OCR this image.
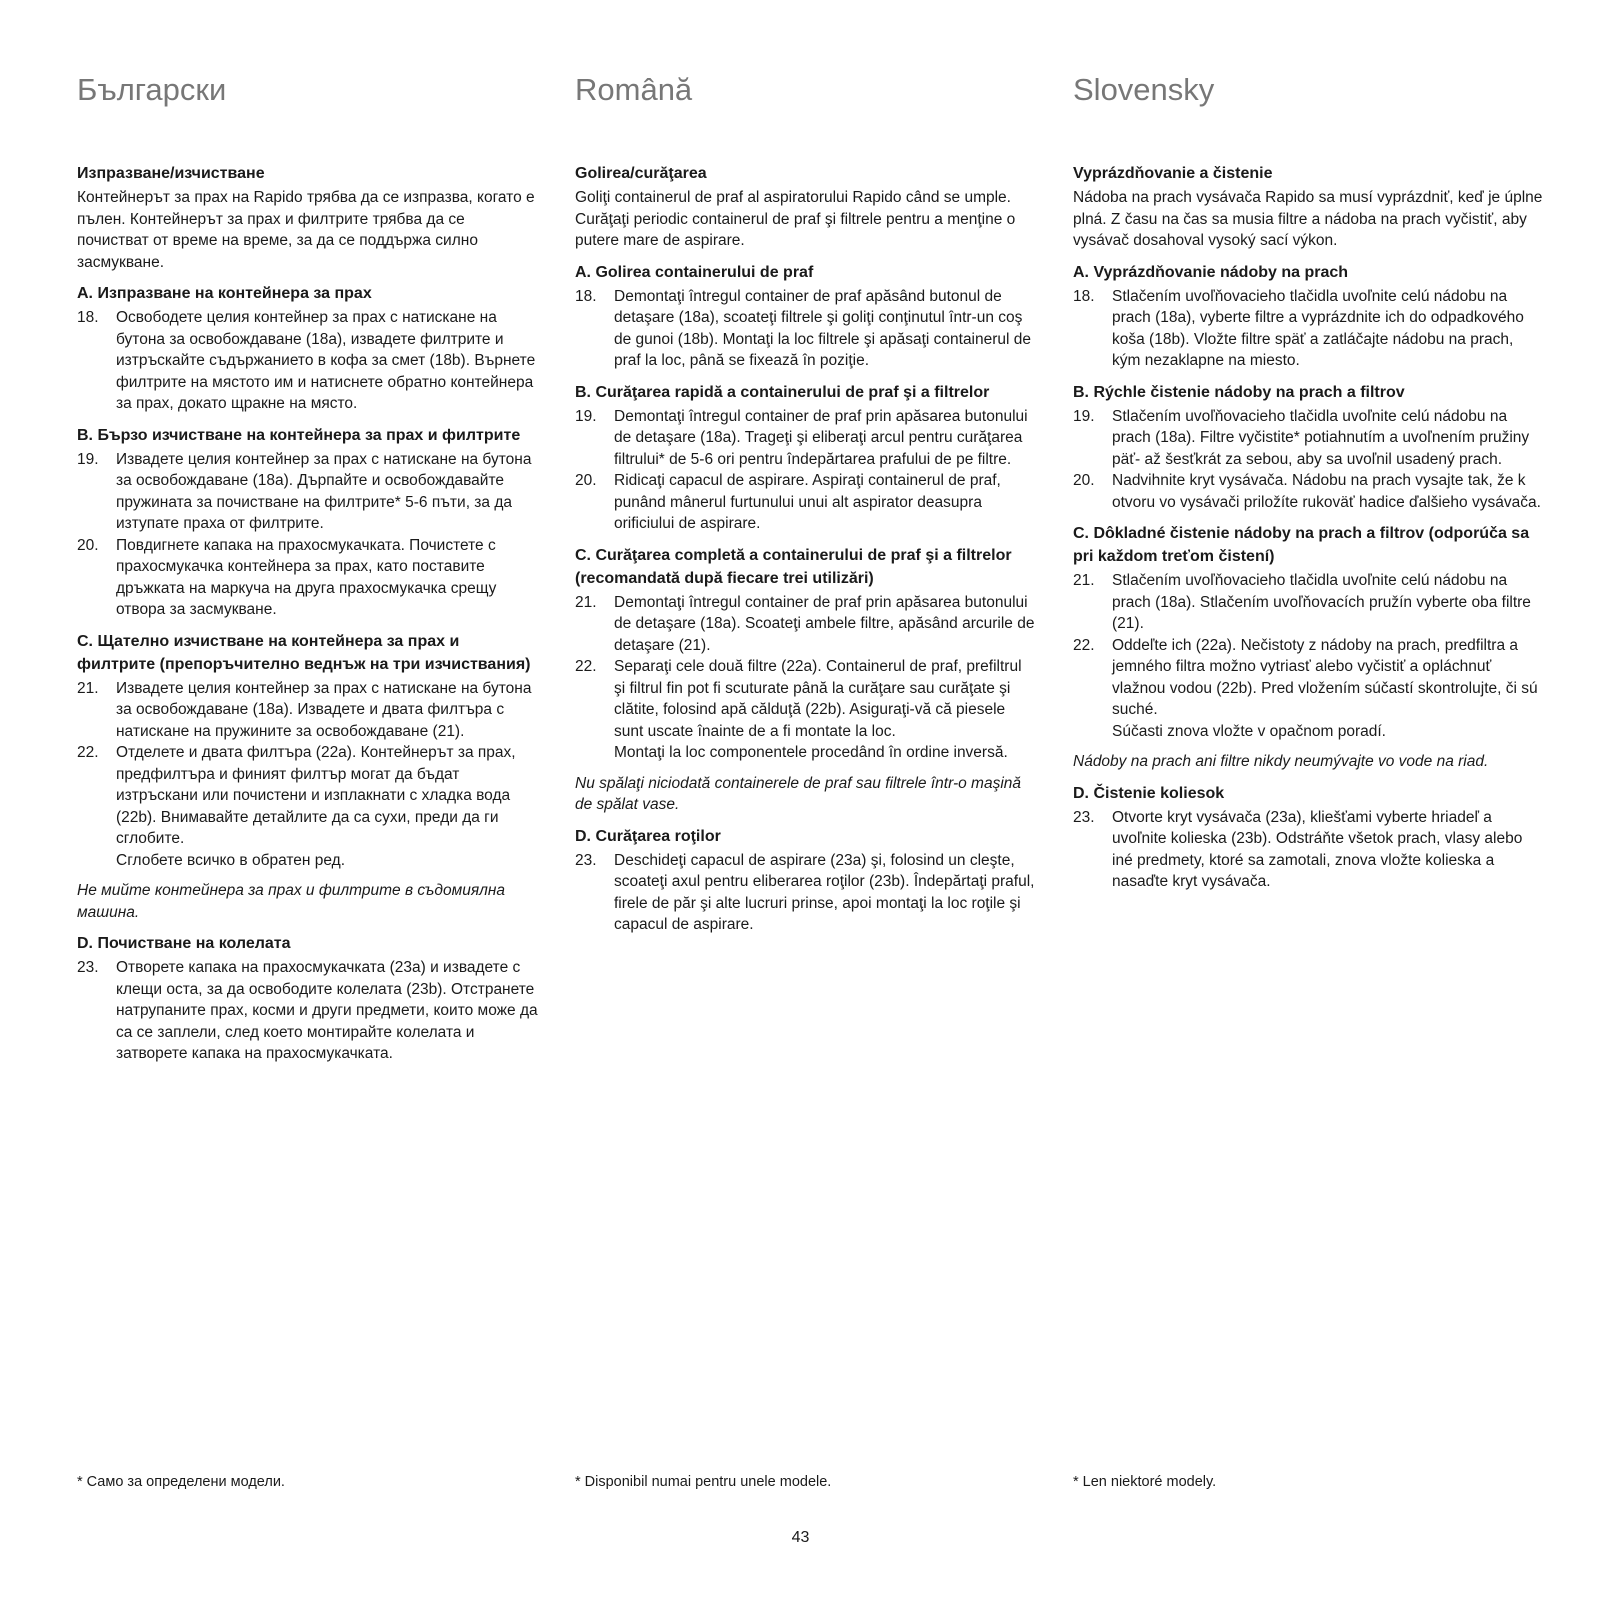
Български
Изпразване/изчистване

Контейнерът за прах на Rapido трябва да се изпразва, когато е пълен. Контейнерът за прах и филтрите трябва да се почистват от време на време, за да се поддържа силно засмукване.

A. Изпразване на контейнера за прах
18.	Освободете целия контейнер за прах с натискане на бутона за освобождаване (18a), извадете филтрите и изтръскайте съдържанието в кофа за смет (18b). Върнете филтрите на мястото им и натиснете обратно контейнера за прах, докато щракне на място.
B. Бързо изчистване на контейнера за прах и филтрите
19.	Извадете целия контейнер за прах с натискане на бутона за освобождаване (18a). Дърпайте и освобождавайте пружината за почистване на филтрите* 5-6 пъти, за да изтупате праха от филтрите.
20.	Повдигнете капака на прахосмукачката. Почистете с прахосмукачка контейнера за прах, като поставите дръжката на маркуча на друга прахосмукачка срещу отвора за засмукване.
C. Щателно изчистване на контейнера за прах и филтрите (препоръчително веднъж на три изчиствания)
21.	Извадете целия контейнер за прах с натискане на бутона за освобождаване (18a). Извадете и двата филтъра с натискане на пружините за освобождаване (21).
22.	Отделете и двата филтъра (22a). Контейнерът за прах, предфилтъра и финият филтър могат да бъдат изтръскани или почистени и изплакнати с хладка вода (22b). Внимавайте детайлите да са сухи, преди да ги сглобите.
Сглобете всичко в обратен ред.

Не мийте контейнера за прах и филтрите в съдомиялна машина.

D. Почистване на колелата
23.	Отворете капака на прахосмукачката (23a) и извадете с клещи оста, за да освободите колелата (23b). Отстранете натрупаните прах, косми и други предмети, които може да са се заплели, след което монтирайте колелата и затворете капака на прахосмукачката.
Română
Golirea/curăţarea

Goliţi containerul de praf al aspiratorului Rapido când se umple. Curăţaţi periodic containerul de praf şi filtrele pentru a menţine o putere mare de aspirare.

A. Golirea containerului de praf
18.	Demontaţi întregul container de praf apăsând butonul de detaşare (18a), scoateţi filtrele şi goliţi conţinutul într-un coş de gunoi (18b). Montaţi la loc filtrele şi apăsaţi containerul de praf la loc, până se fixează în poziţie.
B. Curăţarea rapidă a containerului de praf şi a filtrelor
19.	Demontaţi întregul container de praf prin apăsarea butonului de detaşare (18a). Trageţi şi eliberaţi arcul pentru curăţarea filtrului* de 5-6 ori pentru îndepărtarea prafului de pe filtre.
20.	Ridicaţi capacul de aspirare. Aspiraţi containerul de praf, punând mânerul furtunului unui alt aspirator deasupra orificiului de aspirare.
C. Curăţarea completă a containerului de praf şi a filtrelor (recomandată după fiecare trei utilizări)
21.	Demontaţi întregul container de praf prin apăsarea butonului de detaşare (18a). Scoateţi ambele filtre, apăsând arcurile de detaşare (21).
22.	Separaţi cele două filtre (22a). Containerul de praf, prefiltrul şi filtrul fin pot fi scuturate până la curăţare sau curăţate şi clătite, folosind apă călduţă (22b). Asiguraţi-vă că piesele sunt uscate înainte de a fi montate la loc.
Montaţi la loc componentele procedând în ordine inversă.

Nu spălaţi niciodată containerele de praf sau filtrele într-o maşină de spălat vase.

D. Curăţarea roţilor
23.	Deschideţi capacul de aspirare (23a) şi, folosind un cleşte, scoateţi axul pentru eliberarea roţilor (23b). Îndepărtaţi praful, firele de păr şi alte lucruri prinse, apoi montaţi la loc roţile şi capacul de aspirare.
Slovensky
Vyprázdňovanie a čistenie

Nádoba na prach vysávača Rapido sa musí vyprázdniť, keď je úplne plná. Z času na čas sa musia filtre a nádoba na prach vyčistiť, aby vysávač dosahoval vysoký sací výkon.

A. Vyprázdňovanie nádoby na prach
18.	Stlačením uvoľňovacieho tlačidla uvoľnite celú nádobu na prach (18a), vyberte filtre a vyprázdnite ich do odpadkového koša (18b). Vložte filtre späť a zatláčajte nádobu na prach, kým nezaklapne na miesto.
B. Rýchle čistenie nádoby na prach a filtrov
19.	Stlačením uvoľňovacieho tlačidla uvoľnite celú nádobu na prach (18a). Filtre vyčistite* potiahnutím a uvoľnením pružiny päť- až šesťkrát za sebou, aby sa uvoľnil usadený prach.
20.	Nadvihnite kryt vysávača. Nádobu na prach vysajte tak, že k otvoru vo vysávači priložíte rukoväť hadice ďalšieho vysávača.
C. Dôkladné čistenie nádoby na prach a filtrov (odporúča sa pri každom treťom čistení)
21.	Stlačením uvoľňovacieho tlačidla uvoľnite celú nádobu na prach (18a). Stlačením uvoľňovacích pružín vyberte oba filtre (21).
22.	Oddeľte ich (22a). Nečistoty z nádoby na prach, predfiltra a jemného filtra možno vytriasť alebo vyčistiť a opláchnuť vlažnou vodou (22b). Pred vložením súčastí skontrolujte, či sú suché.
Súčasti znova vložte v opačnom poradí.

Nádoby na prach ani filtre nikdy neumývajte vo vode na riad.

D. Čistenie koliesok
23.	Otvorte kryt vysávača (23a), kliešťami vyberte hriadeľ a uvoľnite kolieska (23b). Odstráňte všetok prach, vlasy alebo iné predmety, ktoré sa zamotali, znova vložte kolieska a nasaďte kryt vysávača.
* Само за определени модели.	* Disponibil numai pentru unele modele.	* Len niektoré modely.
43
